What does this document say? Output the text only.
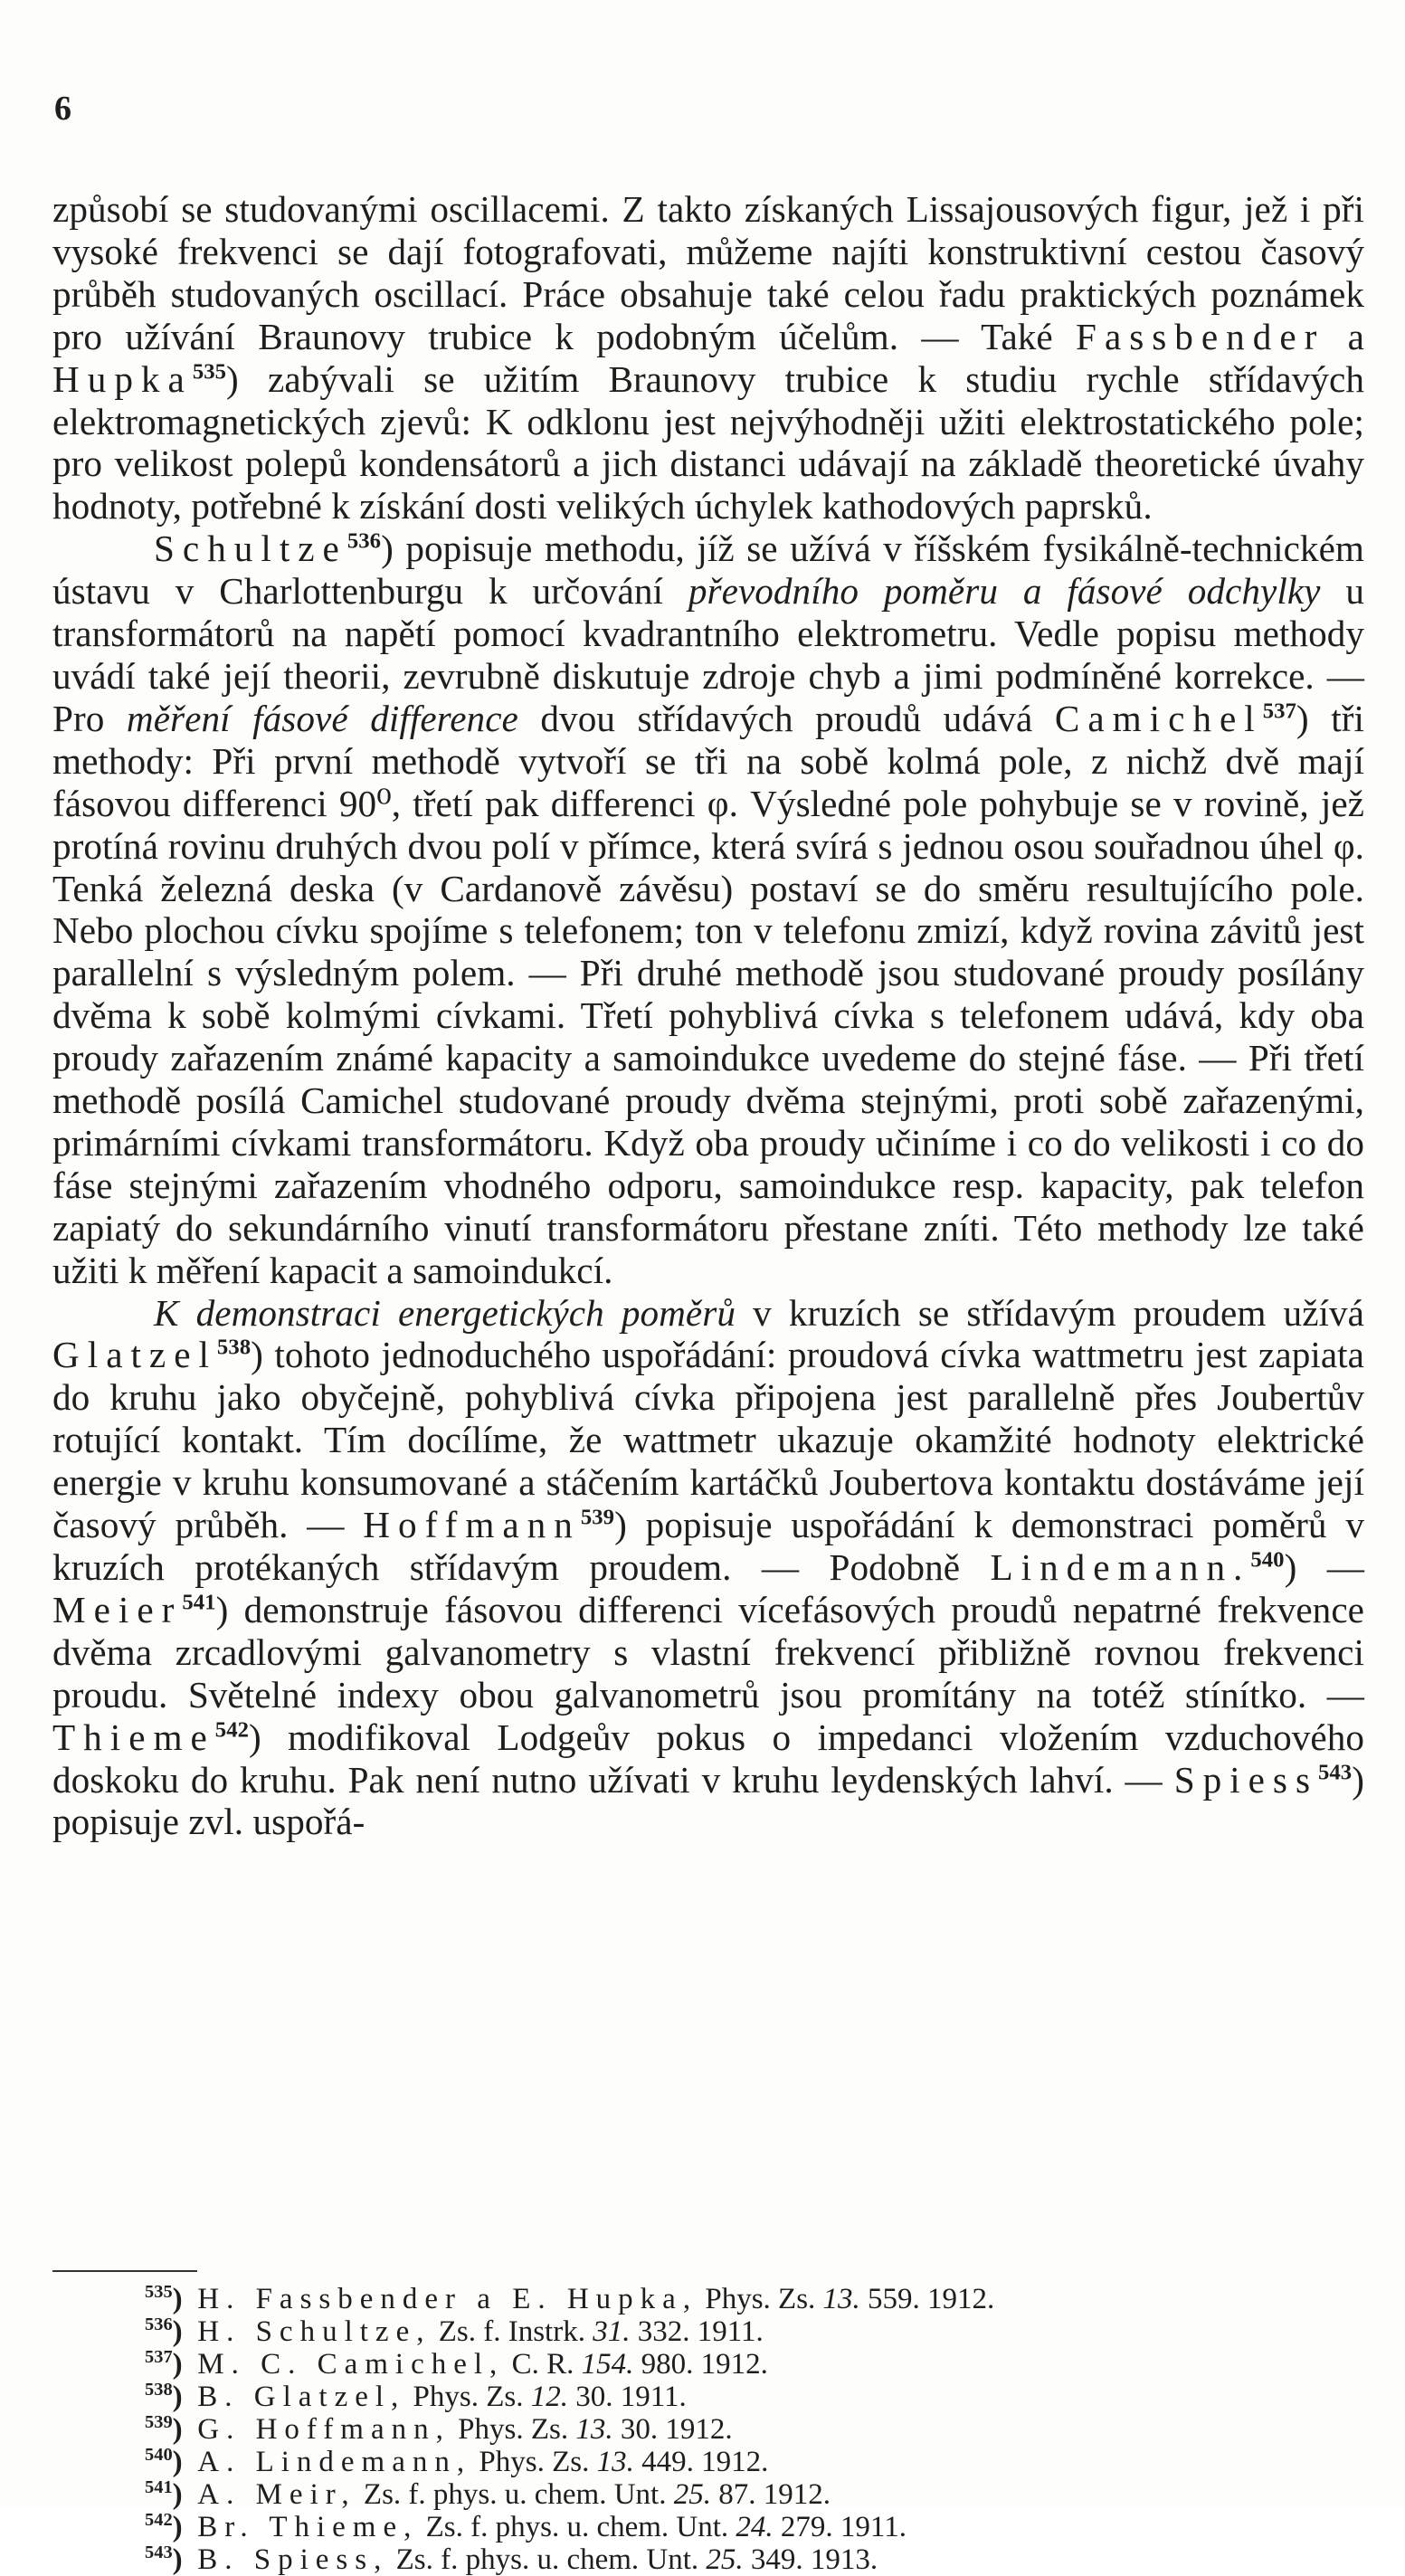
6

způsobí se studovanými oscillacemi. Z takto získaných Lissajousových figur, jež i při vysoké frekvenci se dají fotografovati, můžeme najíti konstruktivní cestou časový průběh studovaných oscillací. Práce obsahuje také celou řadu praktických poznámek pro užívání Braunovy trubice k podobným účelům. — Také Fassbender a Hupka$^{535}$) zabývali se užitím Braunovy trubice k studiu rychle střídavých elektromagnetických zjevů: K odklonu jest nejvýhodněji užiti elektrostatického pole; pro velikost polepů kondensátorů a jich distanci udávají na základě theoretické úvahy hodnoty, potřebné k získání dosti velikých úchylek kathodových paprsků.

Schultze$^{536}$) popisuje methodu, jíž se užívá v říšském fysikálně-technickém ústavu v Charlottenburgu k určování převodního poměru a fásové odchylky u transformátorů na napětí pomocí kvadrantního elektrometru. Vedle popisu methody uvádí také její theorii, zevrubně diskutuje zdroje chyb a jimi podmíněné korrekce. — Pro měření fásové difference dvou střídavých proudů udává Camichel$^{537}$) tři methody: Při první methodě vytvoří se tři na sobě kolmá pole, z nichž dvě mají fásovou differenci 90⁰, třetí pak differenci φ. Výsledné pole pohybuje se v rovině, jež protíná rovinu druhých dvou polí v přímce, která svírá s jednou osou souřadnou úhel φ. Tenká železná deska (v Cardanově závěsu) postaví se do směru resultujícího pole. Nebo plochou cívku spojíme s telefonem; ton v telefonu zmizí, když rovina závitů jest parallelní s výsledným polem. — Při druhé methodě jsou studované proudy posílány dvěma k sobě kolmými cívkami. Třetí pohyblivá cívka s telefonem udává, kdy oba proudy zařazením známé kapacity a samoindukce uvedeme do stejné fáse. — Při třetí methodě posílá Camichel studované proudy dvěma stejnými, proti sobě zařazenými, primárními cívkami transformátoru. Když oba proudy učiníme i co do velikosti i co do fáse stejnými zařazením vhodného odporu, samoindukce resp. kapacity, pak telefon zapiatý do sekundárního vinutí transformátoru přestane zníti. Této methody lze také užiti k měření kapacit a samoindukcí.

K demonstraci energetických poměrů v kruzích se střídavým proudem užívá Glatzel$^{538}$) tohoto jednoduchého uspořádání: proudová cívka wattmetru jest zapiata do kruhu jako obyčejně, pohyblivá cívka připojena jest parallelně přes Joubertův rotující kontakt. Tím docílíme, že wattmetr ukazuje okamžité hodnoty elektrické energie v kruhu konsumované a stáčením kartáčků Joubertova kontaktu dostáváme její časový průběh. — Hoffmann$^{539}$) popisuje uspořádání k demonstraci poměrů v kruzích protékaných střídavým proudem. — Podobně Lindemann.$^{540}$) — Meier$^{541}$) demonstruje fásovou differenci vícefásových proudů nepatrné frekvence dvěma zrcadlovými galvanometry s vlastní frekvencí přibližně rovnou frekvenci proudu. Světelné indexy obou galvanometrů jsou promítány na totéž stínítko. — Thieme$^{542}$) modifikoval Lodgeův pokus o impedanci vložením vzduchového doskoku do kruhu. Pak není nutno užívati v kruhu leydenských lahví. — Spiess$^{543}$) popisuje zvl. uspořá-

$^{535}$) H. Fassbender a E. Hupka, Phys. Zs. 13. 559. 1912.
$^{536}$) H. Schultze, Zs. f. Instrk. 31. 332. 1911.
$^{537}$) M. C. Camichel, C. R. 154. 980. 1912.
$^{538}$) B. Glatzel, Phys. Zs. 12. 30. 1911.
$^{539}$) G. Hoffmann, Phys. Zs. 13. 30. 1912.
$^{540}$) A. Lindemann, Phys. Zs. 13. 449. 1912.
$^{541}$) A. Meir, Zs. f. phys. u. chem. Unt. 25. 87. 1912.
$^{542}$) Br. Thieme, Zs. f. phys. u. chem. Unt. 24. 279. 1911.
$^{543}$) B. Spiess, Zs. f. phys. u. chem. Unt. 25. 349. 1913.
